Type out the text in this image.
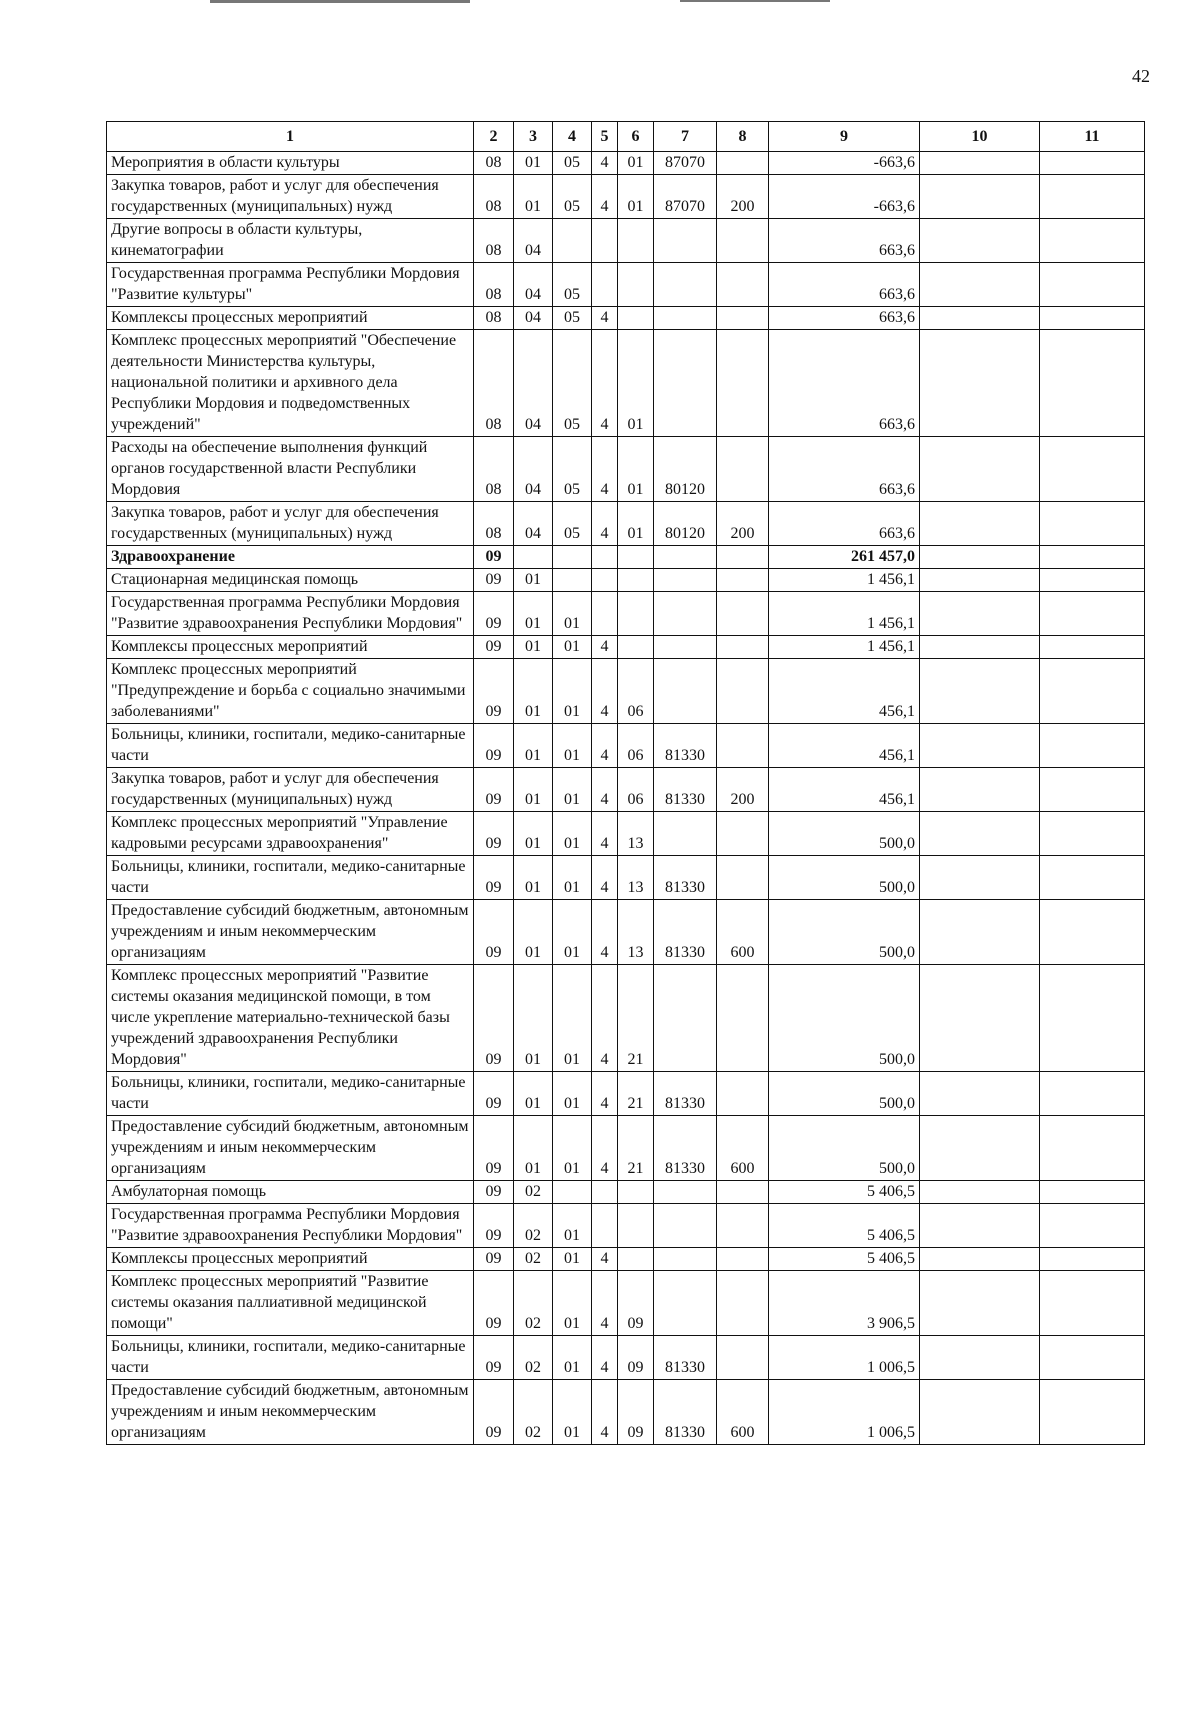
42
1	2	3	4	5	6	7	8	9	10	11
Мероприятия в области культуры	08	01	05	4	01	87070		-663,6		
Закупка товаров, работ и услуг для обеспечения государственных (муниципальных) нужд	08	01	05	4	01	87070	200	-663,6		
Другие вопросы в области культуры, кинематографии	08	04						663,6		
Государственная программа Республики Мордовия "Развитие культуры"	08	04	05					663,6		
Комплексы процессных мероприятий	08	04	05	4				663,6		
Комплекс процессных мероприятий "Обеспечение деятельности Министерства культуры, национальной политики и архивного дела Республики Мордовия и подведомственных учреждений"	08	04	05	4	01			663,6		
Расходы на обеспечение выполнения функций органов государственной власти Республики Мордовия	08	04	05	4	01	80120		663,6		
Закупка товаров, работ и услуг для обеспечения государственных (муниципальных) нужд	08	04	05	4	01	80120	200	663,6		
Здравоохранение	09							261 457,0		
Стационарная медицинская помощь	09	01						1 456,1		
Государственная программа Республики Мордовия "Развитие здравоохранения Республики Мордовия"	09	01	01					1 456,1		
Комплексы процессных мероприятий	09	01	01	4				1 456,1		
Комплекс процессных мероприятий "Предупреждение и борьба с социально значимыми заболеваниями"	09	01	01	4	06			456,1		
Больницы, клиники, госпитали, медико-санитарные части	09	01	01	4	06	81330		456,1		
Закупка товаров, работ и услуг для обеспечения государственных (муниципальных) нужд	09	01	01	4	06	81330	200	456,1		
Комплекс процессных мероприятий "Управление кадровыми ресурсами здравоохранения"	09	01	01	4	13			500,0		
Больницы, клиники, госпитали, медико-санитарные части	09	01	01	4	13	81330		500,0		
Предоставление субсидий бюджетным, автономным учреждениям и иным некоммерческим организациям	09	01	01	4	13	81330	600	500,0		
Комплекс процессных мероприятий "Развитие системы оказания медицинской помощи, в том числе укрепление материально-технической базы учреждений здравоохранения Республики Мордовия"	09	01	01	4	21			500,0		
Больницы, клиники, госпитали, медико-санитарные части	09	01	01	4	21	81330		500,0		
Предоставление субсидий бюджетным, автономным учреждениям и иным некоммерческим организациям	09	01	01	4	21	81330	600	500,0		
Амбулаторная помощь	09	02						5 406,5		
Государственная программа Республики Мордовия "Развитие здравоохранения Республики Мордовия"	09	02	01					5 406,5		
Комплексы процессных мероприятий	09	02	01	4				5 406,5		
Комплекс процессных мероприятий "Развитие системы оказания паллиативной медицинской помощи"	09	02	01	4	09			3 906,5		
Больницы, клиники, госпитали, медико-санитарные части	09	02	01	4	09	81330		1 006,5		
Предоставление субсидий бюджетным, автономным учреждениям и иным некоммерческим организациям	09	02	01	4	09	81330	600	1 006,5		
